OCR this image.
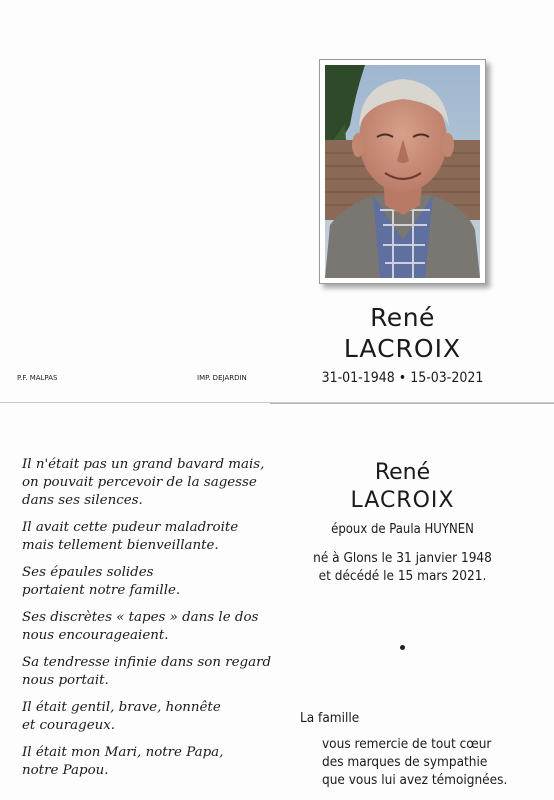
René
LACROIX
31-01-1948 • 15-03-2021
P.F. MALPAS	IMP. DEJARDIN
Il n'était pas un grand bavard mais,
on pouvait percevoir de la sagesse
dans ses silences.
Il avait cette pudeur maladroite
mais tellement bienveillante.
Ses épaules solides
portaient notre famille.
Ses discrètes « tapes » dans le dos
nous encourageaient.
Sa tendresse infinie dans son regard
nous portait.
Il était gentil, brave, honnête
et courageux.
Il était mon Mari, notre Papa,
notre Papou.
René
LACROIX
époux de Paula HUYNEN
né à Glons le 31 janvier 1948
et décédé le 15 mars 2021.
La famille
vous remercie de tout cœur
des marques de sympathie
que vous lui avez témoignées.
